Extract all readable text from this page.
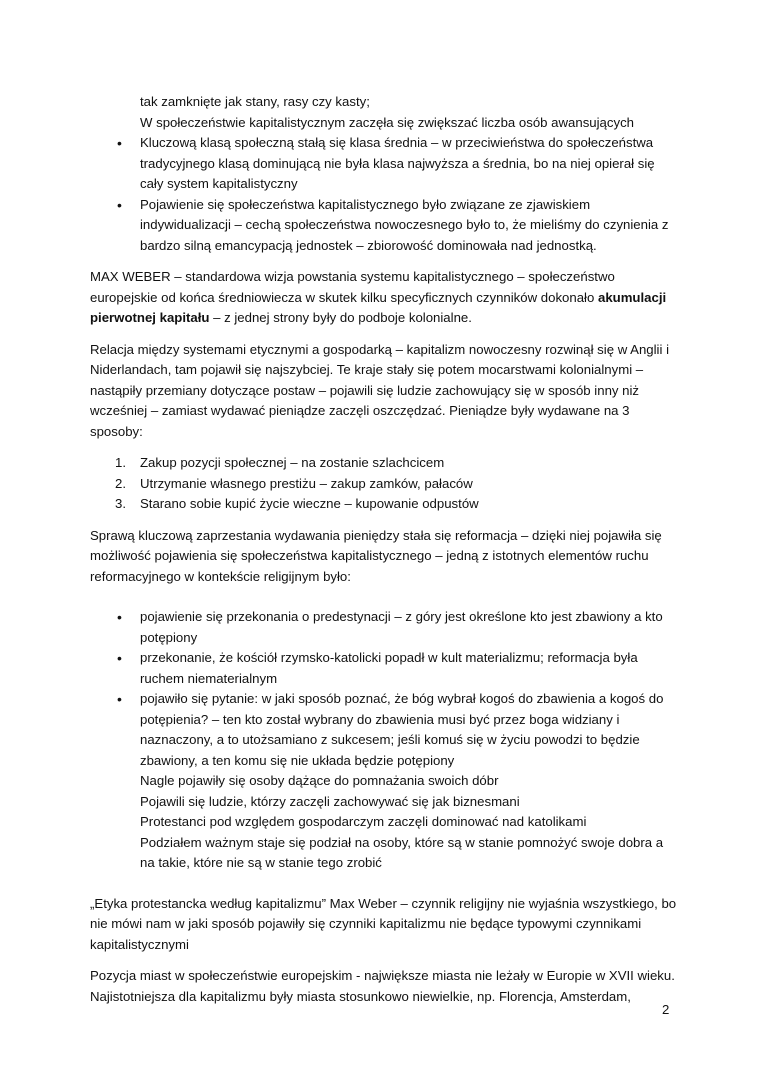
tak zamknięte jak stany, rasy czy kasty;

W społeczeństwie kapitalistycznym zaczęła się zwiększać liczba osób awansujących

• Kluczową klasą społeczną stałą się klasa średnia – w przeciwieństwa do społeczeństwa tradycyjnego klasą dominującą nie była klasa najwyższa a średnia, bo na niej opierał się cały system kapitalistyczny
• Pojawienie się społeczeństwa kapitalistycznego było związane ze zjawiskiem indywidualizacji – cechą społeczeństwa nowoczesnego było to, że mieliśmy do czynienia z bardzo silną emancypacją jednostek – zbiorowość dominowała nad jednostką.

MAX WEBER – standardowa wizja powstania systemu kapitalistycznego – społeczeństwo europejskie od końca średniowiecza w skutek kilku specyficznych czynników dokonało akumulacji pierwotnej kapitału – z jednej strony były do podboje kolonialne.

Relacja między systemami etycznymi a gospodarką – kapitalizm nowoczesny rozwinął się w Anglii i Niderlandach, tam pojawił się najszybciej. Te kraje stały się potem mocarstwami kolonialnymi – nastąpiły przemiany dotyczące postaw – pojawili się ludzie zachowujący się w sposób inny niż wcześniej – zamiast wydawać pieniądze zaczęli oszczędzać. Pieniądze były wydawane na 3 sposoby:

1. Zakup pozycji społecznej – na zostanie szlachcicem
2. Utrzymanie własnego prestiżu – zakup zamków, pałaców
3. Starano sobie kupić życie wieczne – kupowanie odpustów

Sprawą kluczową zaprzestania wydawania pieniędzy stała się reformacja – dzięki niej pojawiła się możliwość pojawienia się społeczeństwa kapitalistycznego – jedną z istotnych elementów ruchu reformacyjnego w kontekście religijnym było:

• pojawienie się przekonania o predestynacji – z góry jest określone kto jest zbawiony a kto potępiony
• przekonanie, że kościół rzymsko-katolicki popadł w kult materializmu; reformacja była ruchem niematerialnym
• pojawiło się pytanie: w jaki sposób poznać, że bóg wybrał kogoś do zbawienia a kogoś do potępienia? – ten kto został wybrany do zbawienia musi być przez boga widziany i naznaczony, a to utożsamiano z sukcesem; jeśli komuś się w życiu powodzi to będzie zbawiony, a ten komu się nie układa będzie potępiony
Nagle pojawiły się osoby dążące do pomnażania swoich dóbr
Pojawili się ludzie, którzy zaczęli zachowywać się jak biznesmani
Protestanci pod względem gospodarczym zaczęli dominować nad katolikami
Podziałem ważnym staje się podział na osoby, które są w stanie pomnożyć swoje dobra a na takie, które nie są w stanie tego zrobić

„Etyka protestancka według kapitalizmu” Max Weber – czynnik religijny nie wyjaśnia wszystkiego, bo nie mówi nam w jaki sposób pojawiły się czynniki kapitalizmu nie będące typowymi czynnikami kapitalistycznymi

Pozycja miast w społeczeństwie europejskim - największe miasta nie leżały w Europie w XVII wieku. Najistotniejsza dla kapitalizmu były miasta stosunkowo niewielkie, np. Florencja, Amsterdam,

2
